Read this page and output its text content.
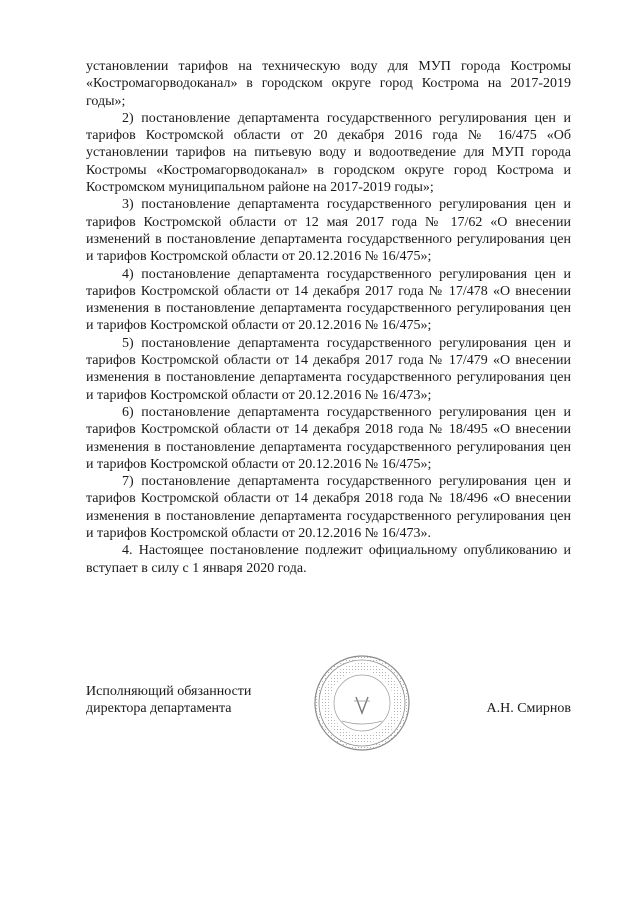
установлении тарифов на техническую воду для МУП города Костромы «Костромагорводоканал» в городском округе город Кострома на 2017-2019 годы»;

2) постановление департамента государственного регулирования цен и тарифов Костромской области от 20 декабря 2016 года № 16/475 «Об установлении тарифов на питьевую воду и водоотведение для МУП города Костромы «Костромагорводоканал» в городском округе город Кострома и Костромском муниципальном районе на 2017-2019 годы»;

3) постановление департамента государственного регулирования цен и тарифов Костромской области от 12 мая 2017 года № 17/62 «О внесении изменений в постановление департамента государственного регулирования цен и тарифов Костромской области от 20.12.2016 № 16/475»;

4) постановление департамента государственного регулирования цен и тарифов Костромской области от 14 декабря 2017 года № 17/478 «О внесении изменения в постановление департамента государственного регулирования цен и тарифов Костромской области от 20.12.2016 № 16/475»;

5) постановление департамента государственного регулирования цен и тарифов Костромской области от 14 декабря 2017 года № 17/479 «О внесении изменения в постановление департамента государственного регулирования цен и тарифов Костромской области от 20.12.2016 № 16/473»;

6) постановление департамента государственного регулирования цен и тарифов Костромской области от 14 декабря 2018 года № 18/495 «О внесении изменения в постановление департамента государственного регулирования цен и тарифов Костромской области от 20.12.2016 № 16/475»;

7) постановление департамента государственного регулирования цен и тарифов Костромской области от 14 декабря 2018 года № 18/496 «О внесении изменения в постановление департамента государственного регулирования цен и тарифов Костромской области от 20.12.2016 № 16/473».

4. Настоящее постановление подлежит официальному опубликованию и вступает в силу с 1 января 2020 года.

Исполняющий обязанности
директора департамента	А.Н. Смирнов
